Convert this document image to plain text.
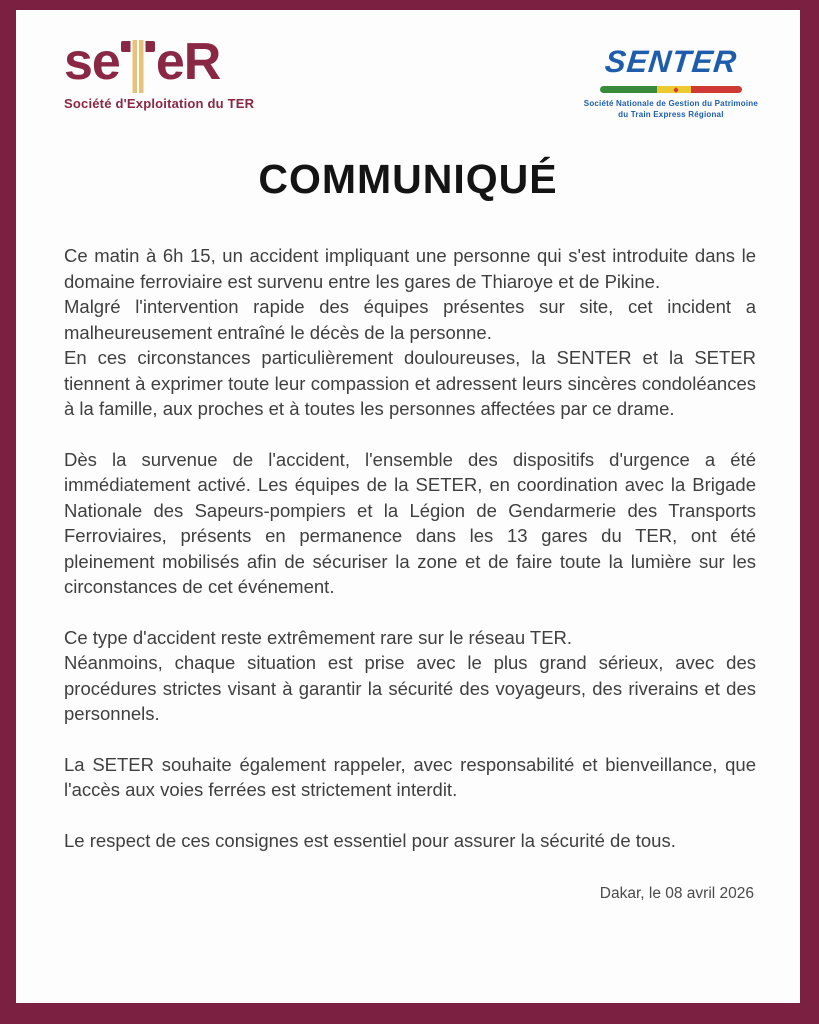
se eR
Société d'Exploitation du TER
SENTER
Société Nationale de Gestion du Patrimoine
du Train Express Régional
COMMUNIQUÉ

Ce matin à 6h 15, un accident impliquant une personne qui s'est introduite dans le domaine ferroviaire est survenu entre les gares de Thiaroye et de Pikine.

Malgré l'intervention rapide des équipes présentes sur site, cet incident a malheureusement entraîné le décès de la personne.

En ces circonstances particulièrement douloureuses, la SENTER et la SETER tiennent à exprimer toute leur compassion et adressent leurs sincères condoléances à la famille, aux proches et à toutes les personnes affectées par ce drame.

Dès la survenue de l'accident, l'ensemble des dispositifs d'urgence a été immédiatement activé. Les équipes de la SETER, en coordination avec la Brigade Nationale des Sapeurs-pompiers et la Légion de Gendarmerie des Transports Ferroviaires, présents en permanence dans les 13 gares du TER, ont été pleinement mobilisés afin de sécuriser la zone et de faire toute la lumière sur les circonstances de cet événement.

Ce type d'accident reste extrêmement rare sur le réseau TER.

Néanmoins, chaque situation est prise avec le plus grand sérieux, avec des procédures strictes visant à garantir la sécurité des voyageurs, des riverains et des personnels.

La SETER souhaite également rappeler, avec responsabilité et bienveillance, que l'accès aux voies ferrées est strictement interdit.

Le respect de ces consignes est essentiel pour assurer la sécurité de tous.

Dakar, le 08 avril 2026
